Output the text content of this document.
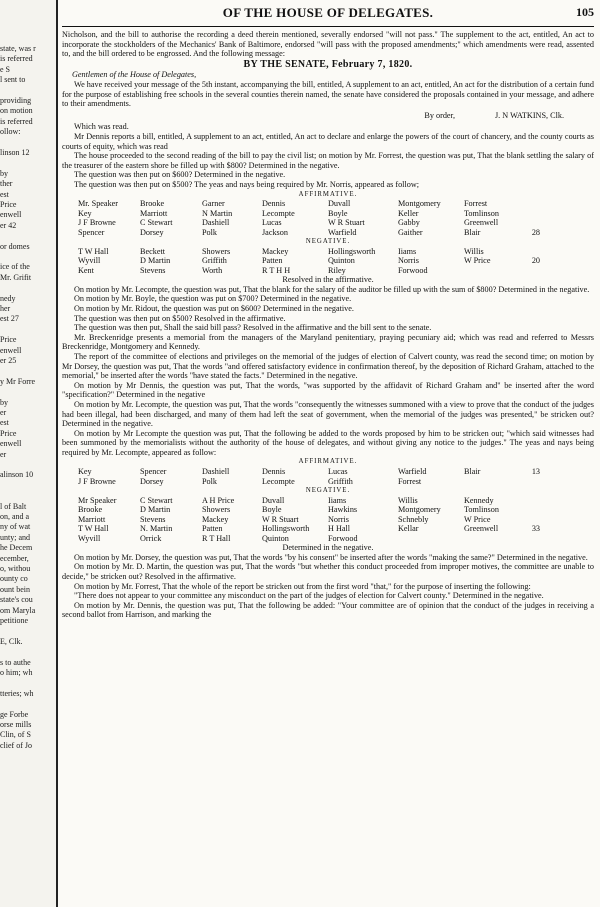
state, was r
is referred
e S
l sent to
providing
on motion
is referred
ollow:
linson 12
by
ther
est
Price
enwell
er 42
or domes
ice of the
Mr. Grifit
nedy
her
est 27
Price
enwell
er 25
y Mr Forre
by
er
est
Price
enwell
er
alinson 10
l of Balt
on, and a
ny of wat
unty; and
he Decem
ecember,
o, withou
ounty co
ount bein
state's cou
om Maryla
petitione
E, Clk.
s to authe
o him; wh
tteries; wh
ge Forbe
orse mills
Clin, of S
clief of Jo
OF THE HOUSE OF DELEGATES.	105

Nicholson, and the bill to authorise the recording a deed therein mentioned, severally endorsed "will not pass." The supplement to the act, entitled, An act to incorporate the stockholders of the Mechanics' Bank of Baltimore, endorsed "will pass with the proposed amendments;" which amendments were read, assented to, and the bill ordered to be engrossed. And the following message:

BY THE SENATE, February 7, 1820.

Gentlemen of the House of Delegates,

We have received your message of the 5th instant, accompanying the bill, entitled, A supplement to an act, entitled, An act for the distribution of a certain fund for the purpose of establishing free schools in the several counties therein named, the senate have considered the proposals contained in your message, and adhere to their amendments.

By order,	J. N WATKINS, Clk.

Which was read.

Mr Dennis reports a bill, entitled, A supplement to an act, entitled, An act to declare and enlarge the powers of the court of chancery, and the county courts as courts of equity, which was read

The house proceeded to the second reading of the bill to pay the civil list; on motion by Mr. Forrest, the question was put, That the blank settling the salary of the treasurer of the eastern shore be filled up with $800? Determined in the negative.

The question was then put on $600? Determined in the negative.

The question was then put on $500? The yeas and nays being required by Mr. Norris, appeared as follow;

AFFIRMATIVE.
Mr. Speaker	Brooke	Garner	Dennis	Duvall	Montgomery	Forrest	
Key	Marriott	N Martin	Lecompte	Boyle	Keller	Tomlinson	
J F Browne	C Stewart	Dashiell	Lucas	W R Stuart	Gabby	Greenwell	
Spencer	Dorsey	Polk	Jackson	Warfield	Gaither	Blair	28
NEGATIVE.
T W Hall	Beckett	Showers	Mackey	Hollingsworth	Iiams	Willis	
Wyvill	D Martin	Griffith	Patten	Quinton	Norris	W Price	20
Kent	Stevens	Worth	R T H H	Riley	Forwood		
Resolved in the affirmative.

On motion by Mr. Lecompte, the question was put, That the blank for the salary of the auditor be filled up with the sum of $800? Determined in the negative.

On motion by Mr. Boyle, the question was put on $700? Determined in the negative.

On motion by Mr. Ridout, the question was put on $600? Determined in the negative.

The question was then put on $500? Resolved in the affirmative.

The question was then put, Shall the said bill pass? Resolved in the affirmative and the bill sent to the senate.

Mr. Breckenridge presents a memorial from the managers of the Maryland penitentiary, praying pecuniary aid; which was read and referred to Messrs Breckenridge, Montgomery and Kennedy.

The report of the committee of elections and privileges on the memorial of the judges of election of Calvert county, was read the second time; on motion by Mr Dorsey, the question was put, That the words "and offered satisfactory evidence in confirmation thereof, by the deposition of Richard Graham, attached to the memorial," be inserted after the words "have stated the facts." Determined in the negative.

On motion by Mr Dennis, the question was put, That the words, "was supported by the affidavit of Richard Graham and" be inserted after the word "specification?" Determined in the negative

On motion by Mr. Lecompte, the question was put, That the words "consequently the witnesses summoned with a view to prove that the conduct of the judges had been illegal, had been discharged, and many of them had left the seat of government, when the memorial of the judges was presented," be stricken out? Determined in the negative.

On motion by Mr Lecompte the question was put, That the following be added to the words proposed by him to be stricken out; "which said witnesses had been summoned by the memorialists without the authority of the house of delegates, and without giving any notice to the judges." The yeas and nays being required by Mr. Lecompte, appeared as follow:

AFFIRMATIVE.
Key	Spencer	Dashiell	Dennis	Lucas	Warfield	Blair	13
J F Browne	Dorsey	Polk	Lecompte	Griffith	Forrest		
NEGATIVE.
Mr Speaker	C Stewart	A H Price	Duvall	Iiams	Willis	Kennedy	
Brooke	D Martin	Showers	Boyle	Hawkins	Montgomery	Tomlinson	
Marriott	Stevens	Mackey	W R Stuart	Norris	Schnebly	W Price	
T W Hall	N. Martin	Patten	Hollingsworth	H Hall	Kellar	Greenwell	33
Wyvill	Orrick	R T Hall	Quinton	Forwood			
Determined in the negative.

On motion by Mr. Dorsey, the question was put, That the words "by his consent" be inserted after the words "making the same?" Determined in the negative.

On motion by Mr. D. Martin, the question was put, That the words "but whether this conduct proceeded from improper motives, the committee are unable to decide," be stricken out? Resolved in the affirmative.

On motion by Mr. Forrest, That the whole of the report be stricken out from the first word "that," for the purpose of inserting the following:

"There does not appear to your committee any misconduct on the part of the judges of election for Calvert county." Determined in the negative.

On motion by Mr. Dennis, the question was put, That the following be added: "Your committee are of opinion that the conduct of the judges in receiving a second ballot from Harrison, and marking the
